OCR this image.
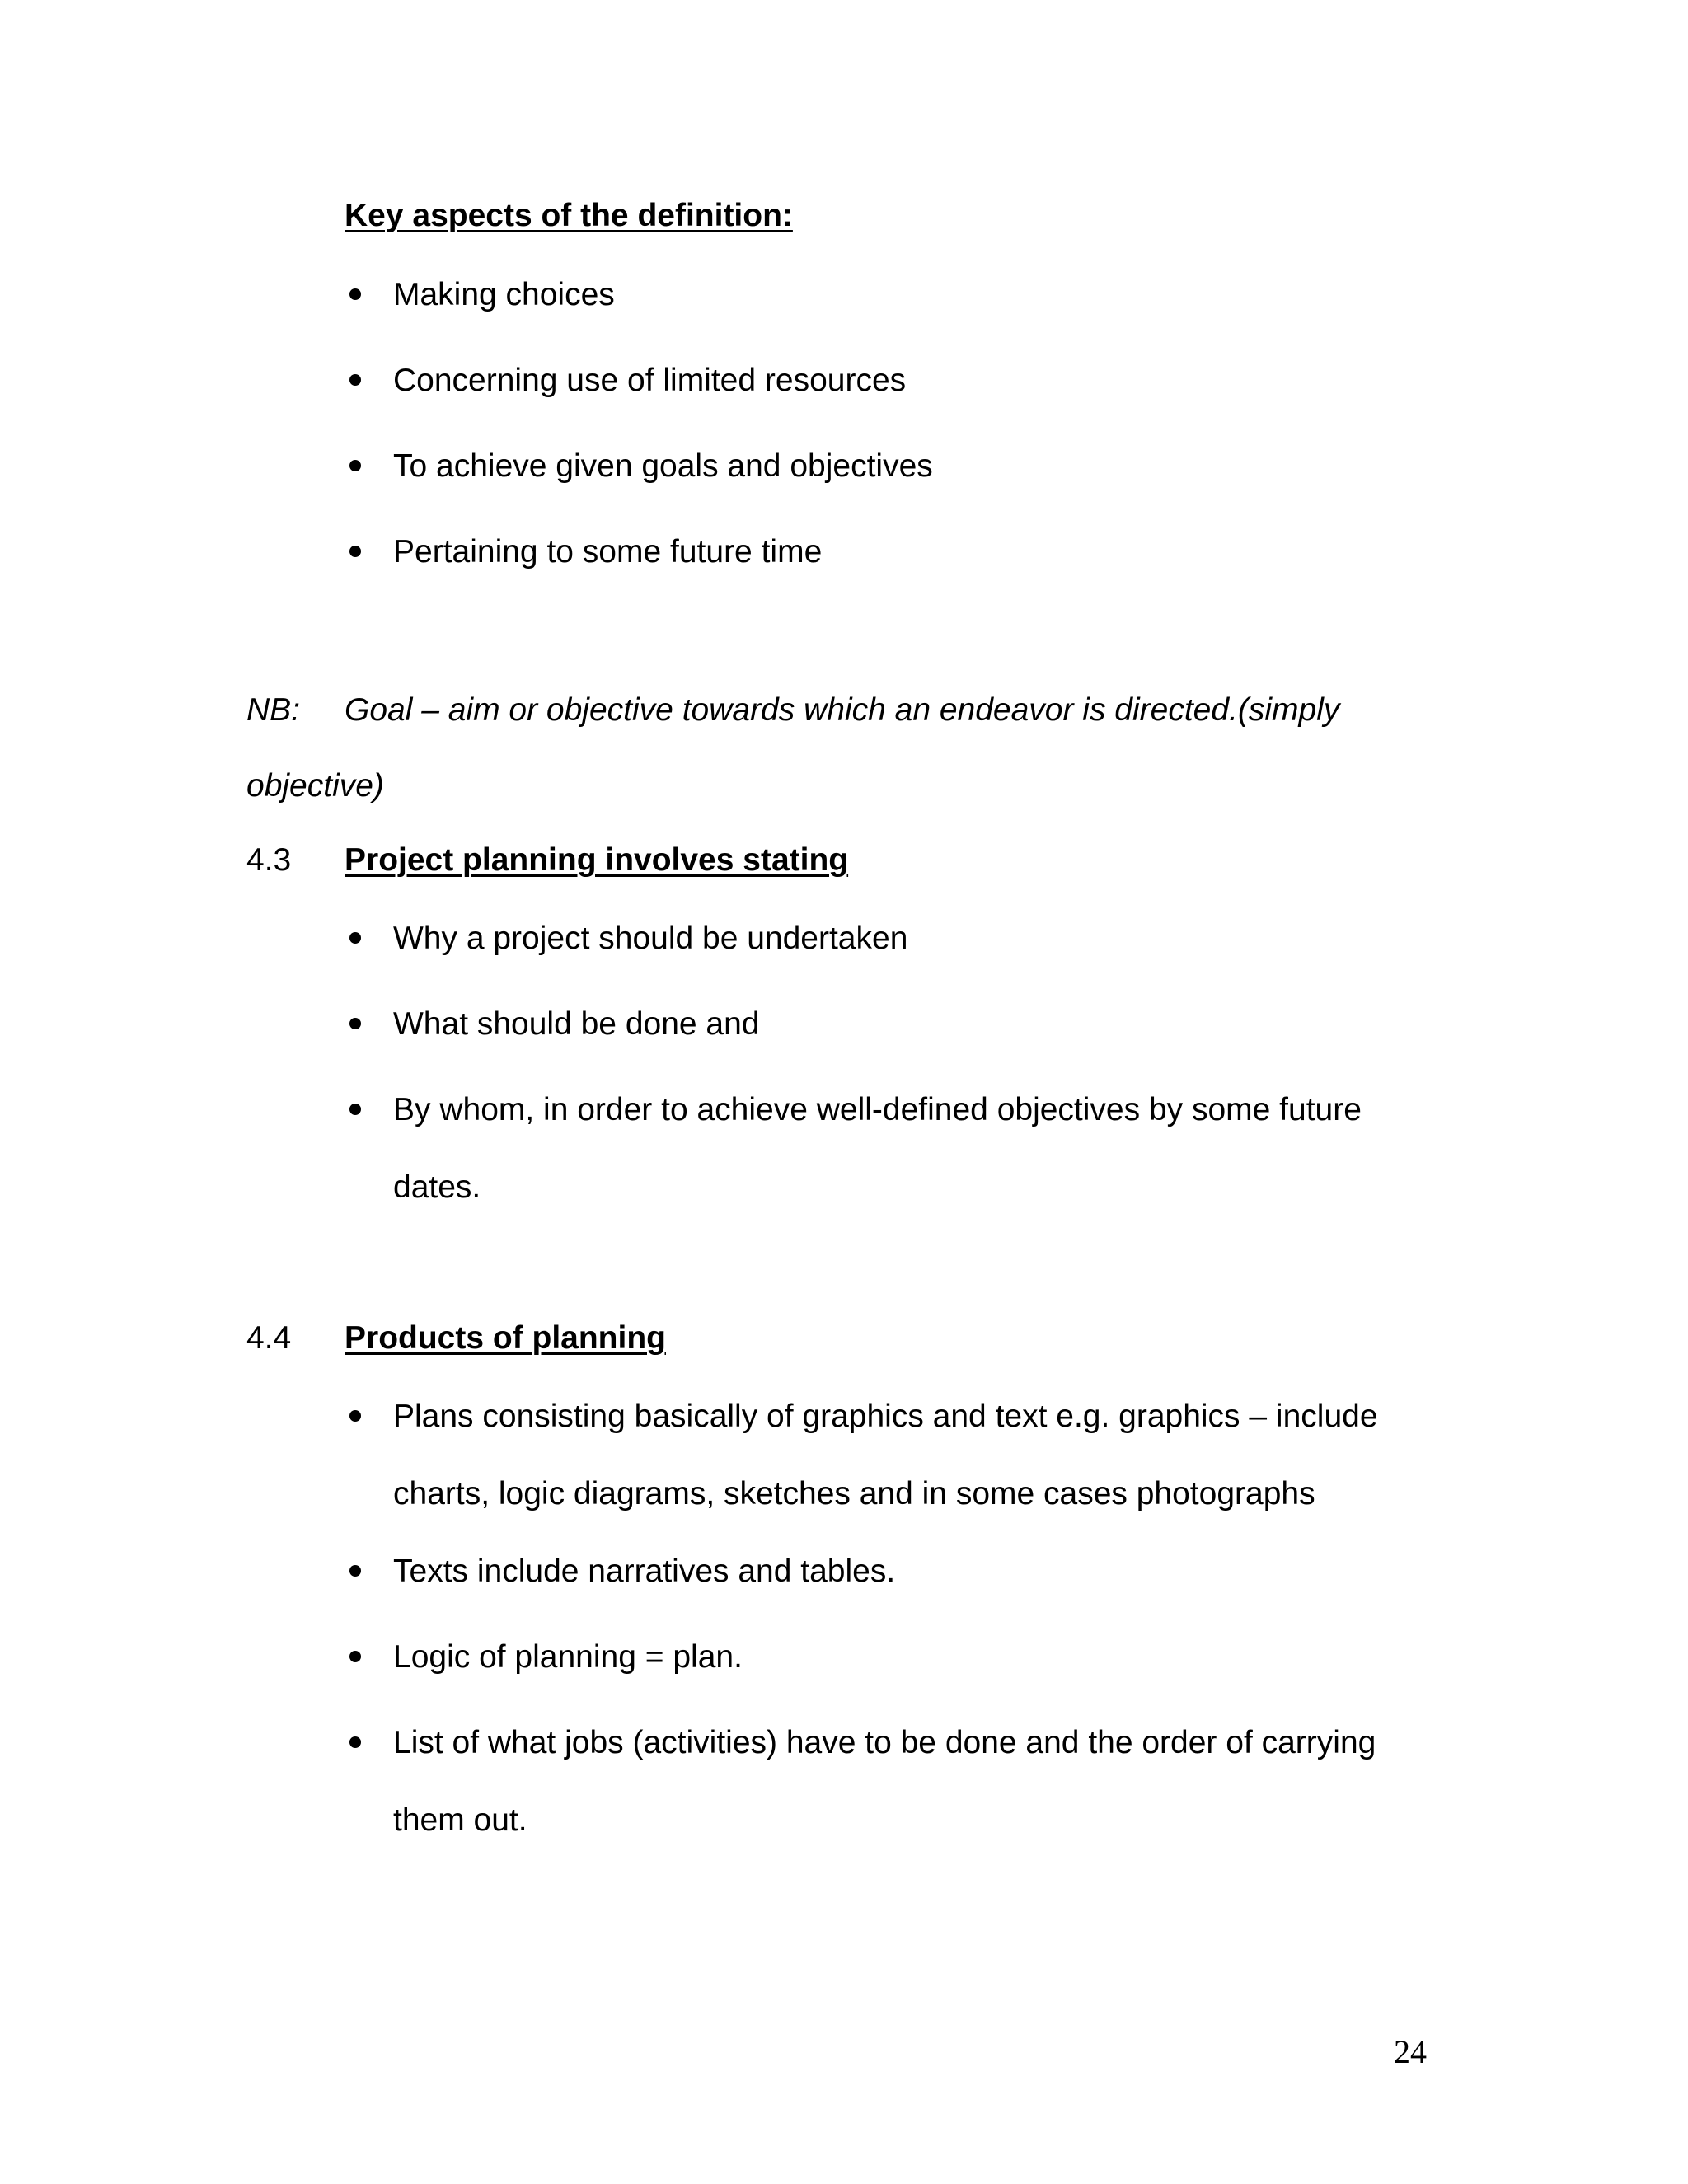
Key aspects of the definition:
Making choices
Concerning use of limited resources
To achieve given goals and objectives
Pertaining to some future time
NB: Goal – aim or objective towards which an endeavor is directed.(simply
objective)
4.3 Project planning involves stating
Why a project should be undertaken
What should be done and
By whom, in order to achieve well-defined objectives by some future
dates.
4.4 Products of planning
Plans consisting basically of graphics and text e.g. graphics – include
charts, logic diagrams, sketches and in some cases photographs
Texts include narratives and tables.
Logic of planning = plan.
List of what jobs (activities) have to be done and the order of carrying
them out.
24
